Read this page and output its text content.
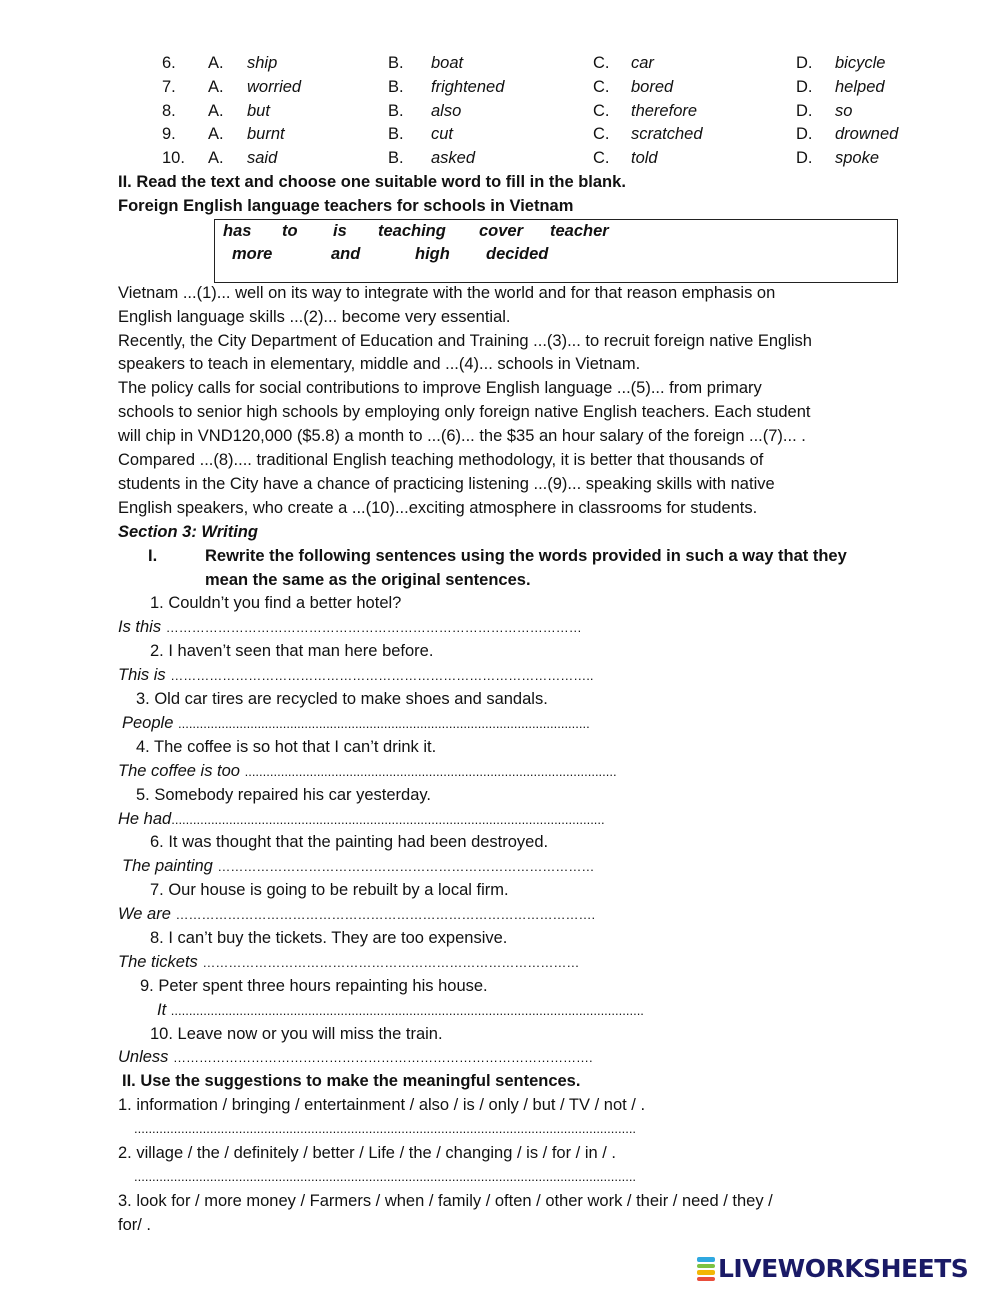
6. A. ship	B. boat	C. car	D. bicycle
7. A. worried	B. frightened	C. bored	D. helped
8. A. but	B. also	C. therefore	D. so
9. A. burnt	B. cut	C. scratched	D. drowned
10. A. said	B. asked	C. told	D. spoke
II. Read the text and choose one suitable word to fill in the blank.
Foreign English language teachers for schools in Vietnam
has to is teaching cover teacher
more	and	high decided
Vietnam ...(1)... well on its way to integrate with the world and for that reason emphasis on
English language skills ...(2)... become very essential.
Recently, the City Department of Education and Training ...(3)... to recruit foreign native English
speakers to teach in elementary, middle and ...(4)... schools in Vietnam.
The policy calls for social contributions to improve English language ...(5)... from primary
schools to senior high schools by employing only foreign native English teachers. Each student
will chip in VND120,000 ($5.8) a month to ...(6)... the $35 an hour salary of the foreign ...(7)... .
Compared ...(8).... traditional English teaching methodology, it is better that thousands of
students in the City have a chance of practicing listening ...(9)... speaking skills with native
English speakers, who create a ...(10)...exciting atmosphere in classrooms for students.
Section 3: Writing
I.	Rewrite the following sentences using the words provided in such a way that they
mean the same as the original sentences.
1. Couldn’t you find a better hotel?
Is this ……………………………………………………………………………………
2. I haven’t seen that man here before.
This is ……………………………………………………………………………………..
3. Old car tires are recycled to make shoes and sandals.
People ..................................................................................................................
4. The coffee is so hot that I can’t drink it.
The coffee is too .......................................................................................................
5. Somebody repaired his car yesterday.
He had........................................................................................................................
6. It was thought that the painting had been destroyed.
The painting ……………………………………………………………………………
7. Our house is going to be rebuilt by a local firm.
We are …………………………………………………………………………………….
8. I can’t buy the tickets. They are too expensive.
The tickets ……………………………………………………………………………
9. Peter spent three hours repainting his house.
It ...................................................................................................................................
10. Leave now or you will miss the train.
Unless …………………………………………………………………………………….
II. Use the suggestions to make the meaningful sentences.
1. information / bringing / entertainment / also / is / only / but / TV / not / .
...........................................................................................................................................
2. village / the / definitely / better / Life / the / changing / is / for / in / .
...........................................................................................................................................
3. look for / more money / Farmers / when / family / often / other work / their / need / they /
for/ .
LIVEWORKSHEETS
